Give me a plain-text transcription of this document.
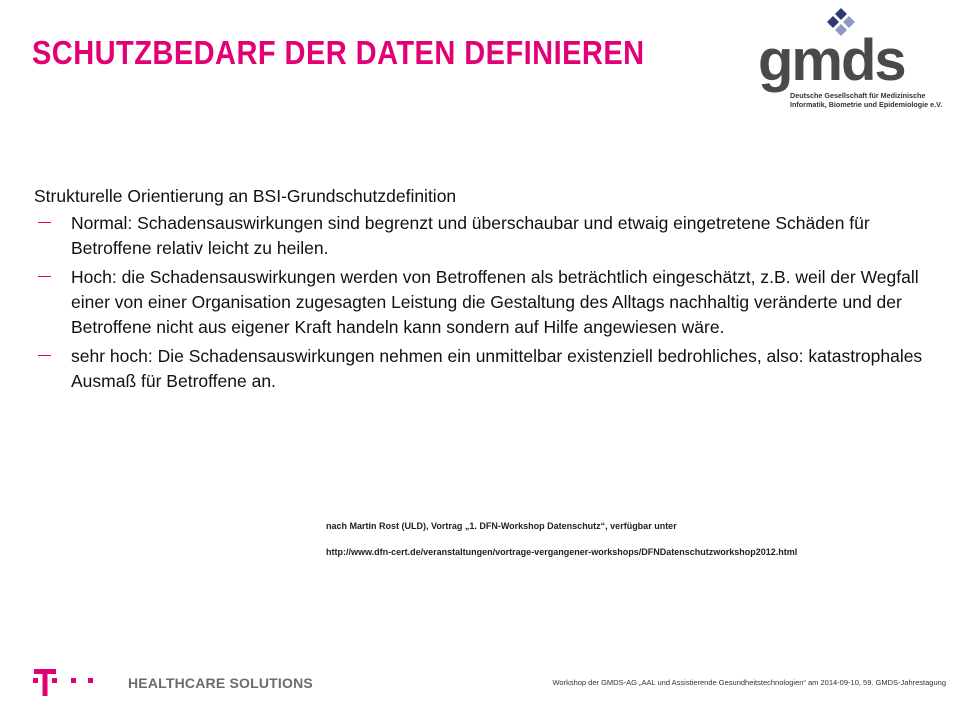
SCHUTZBEDARF DER DATEN DEFINIEREN gmds
Deutsche Gesellschaft für Medizinische Informatik, Biometrie und Epidemiologie e.V.
Strukturelle Orientierung an BSI-Grundschutzdefinition
Normal: Schadensauswirkungen sind begrenzt und überschaubar und etwaig eingetretene Schäden für Betroffene relativ leicht zu heilen.
Hoch: die Schadensauswirkungen werden von Betroffenen als beträchtlich eingeschätzt, z.B. weil der Wegfall einer von einer Organisation zugesagten Leistung die Gestaltung des Alltags nachhaltig veränderte und der Betroffene nicht aus eigener Kraft handeln kann sondern auf Hilfe angewiesen wäre.
sehr hoch: Die Schadensauswirkungen nehmen ein unmittelbar existenziell bedrohliches, also: katastrophales Ausmaß für Betroffene an.
nach Martin Rost (ULD), Vortrag „1. DFN-Workshop Datenschutz“, verfügbar unter
http://www.dfn-cert.de/veranstaltungen/vortrage-vergangener-workshops/DFNDatenschutzworkshop2012.html
HEALTHCARE SOLUTIONS	Workshop der GMDS-AG „AAL und Assistierende Gesundheitstechnologien“ am 2014-09-10, 59. GMDS-Jahrestagung
